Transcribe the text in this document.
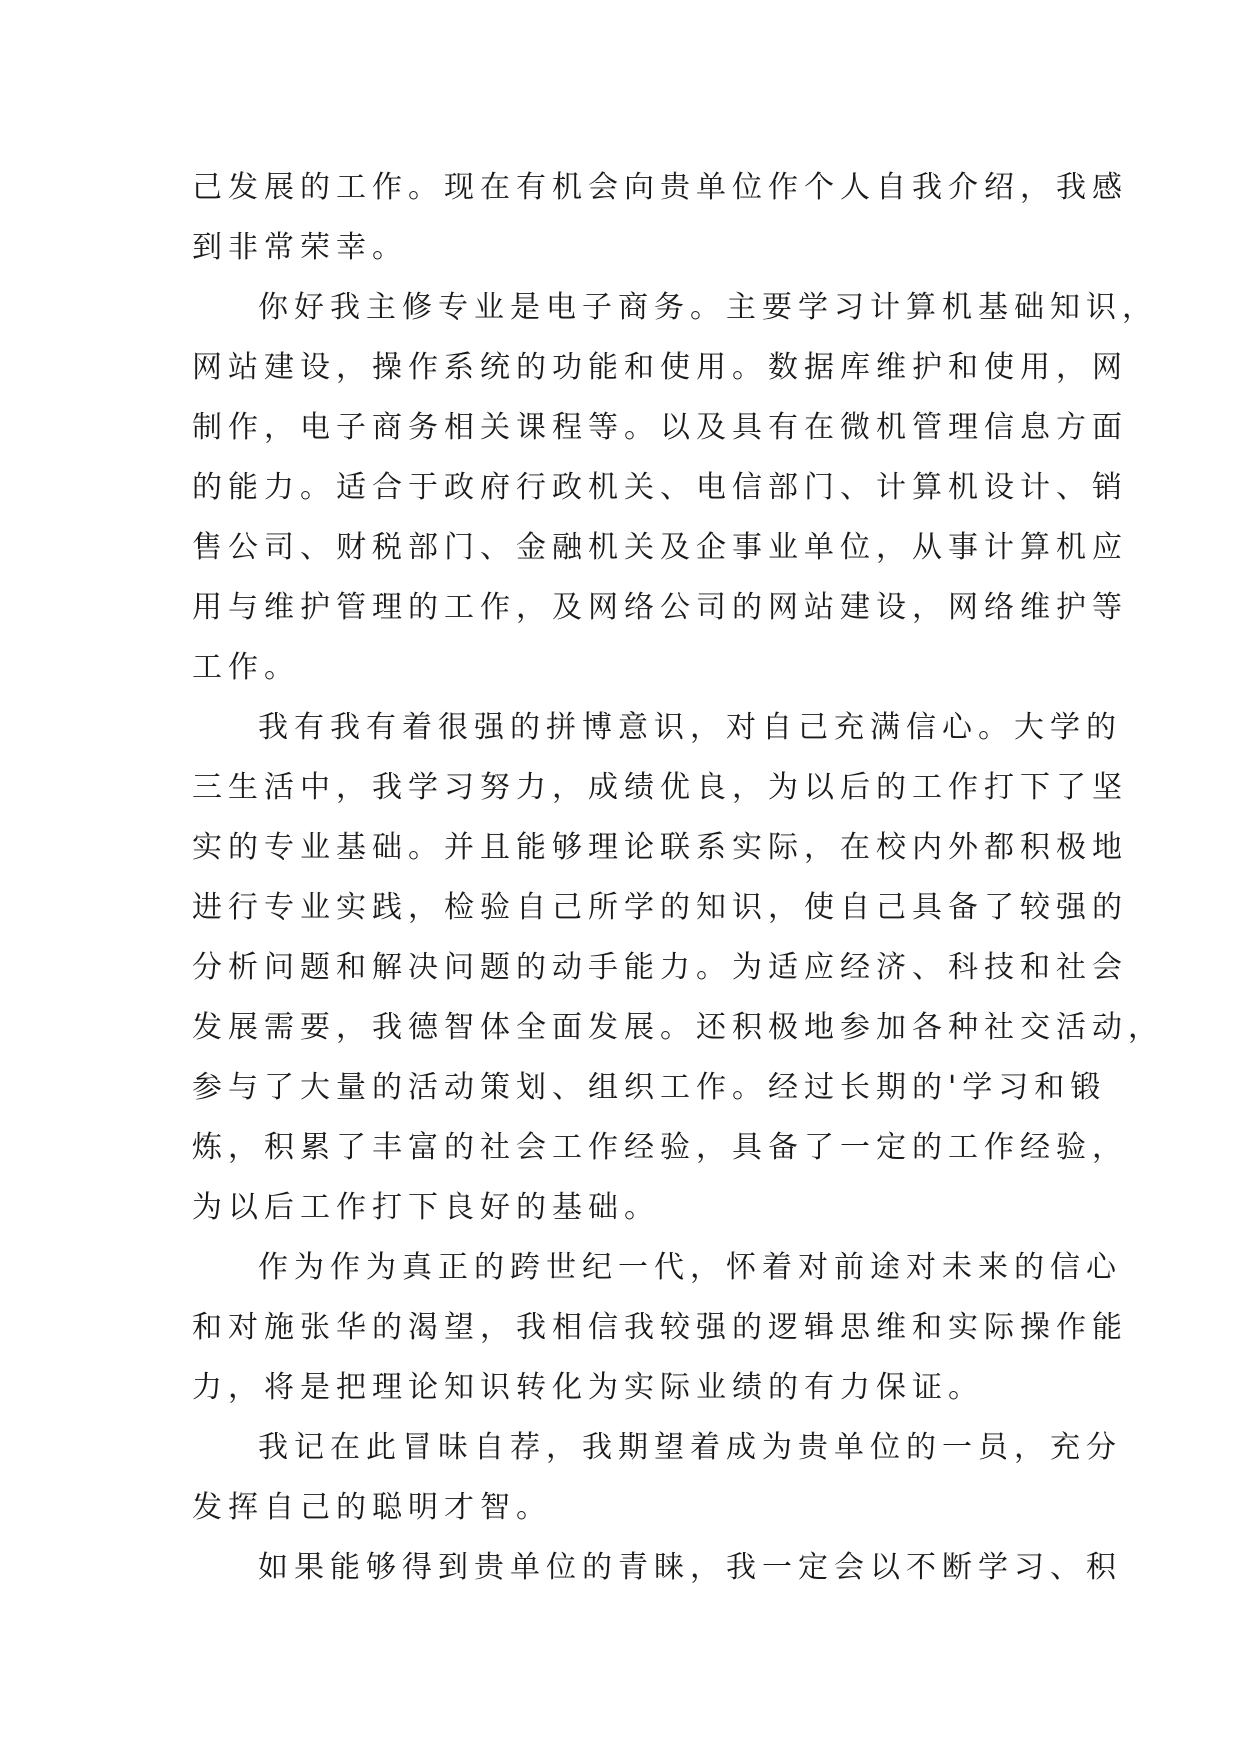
己发展的工作。现在有机会向贵单位作个人自我介绍，我感
到非常荣幸。
你好我主修专业是电子商务。主要学习计算机基础知识，
网站建设，操作系统的功能和使用。数据库维护和使用，网
制作，电子商务相关课程等。以及具有在微机管理信息方面
的能力。适合于政府行政机关、电信部门、计算机设计、销
售公司、财税部门、金融机关及企事业单位，从事计算机应
用与维护管理的工作，及网络公司的网站建设，网络维护等
工作。
我有我有着很强的拼博意识，对自己充满信心。大学的
三生活中，我学习努力，成绩优良，为以后的工作打下了坚
实的专业基础。并且能够理论联系实际，在校内外都积极地
进行专业实践，检验自己所学的知识，使自己具备了较强的
分析问题和解决问题的动手能力。为适应经济、科技和社会
发展需要，我德智体全面发展。还积极地参加各种社交活动，
参与了大量的活动策划、组织工作。经过长期的'学习和锻
炼，积累了丰富的社会工作经验，具备了一定的工作经验，
为以后工作打下良好的基础。
作为作为真正的跨世纪一代，怀着对前途对未来的信心
和对施张华的渴望，我相信我较强的逻辑思维和实际操作能
力，将是把理论知识转化为实际业绩的有力保证。
我记在此冒昧自荐，我期望着成为贵单位的一员，充分
发挥自己的聪明才智。
如果能够得到贵单位的青睐，我一定会以不断学习、积
